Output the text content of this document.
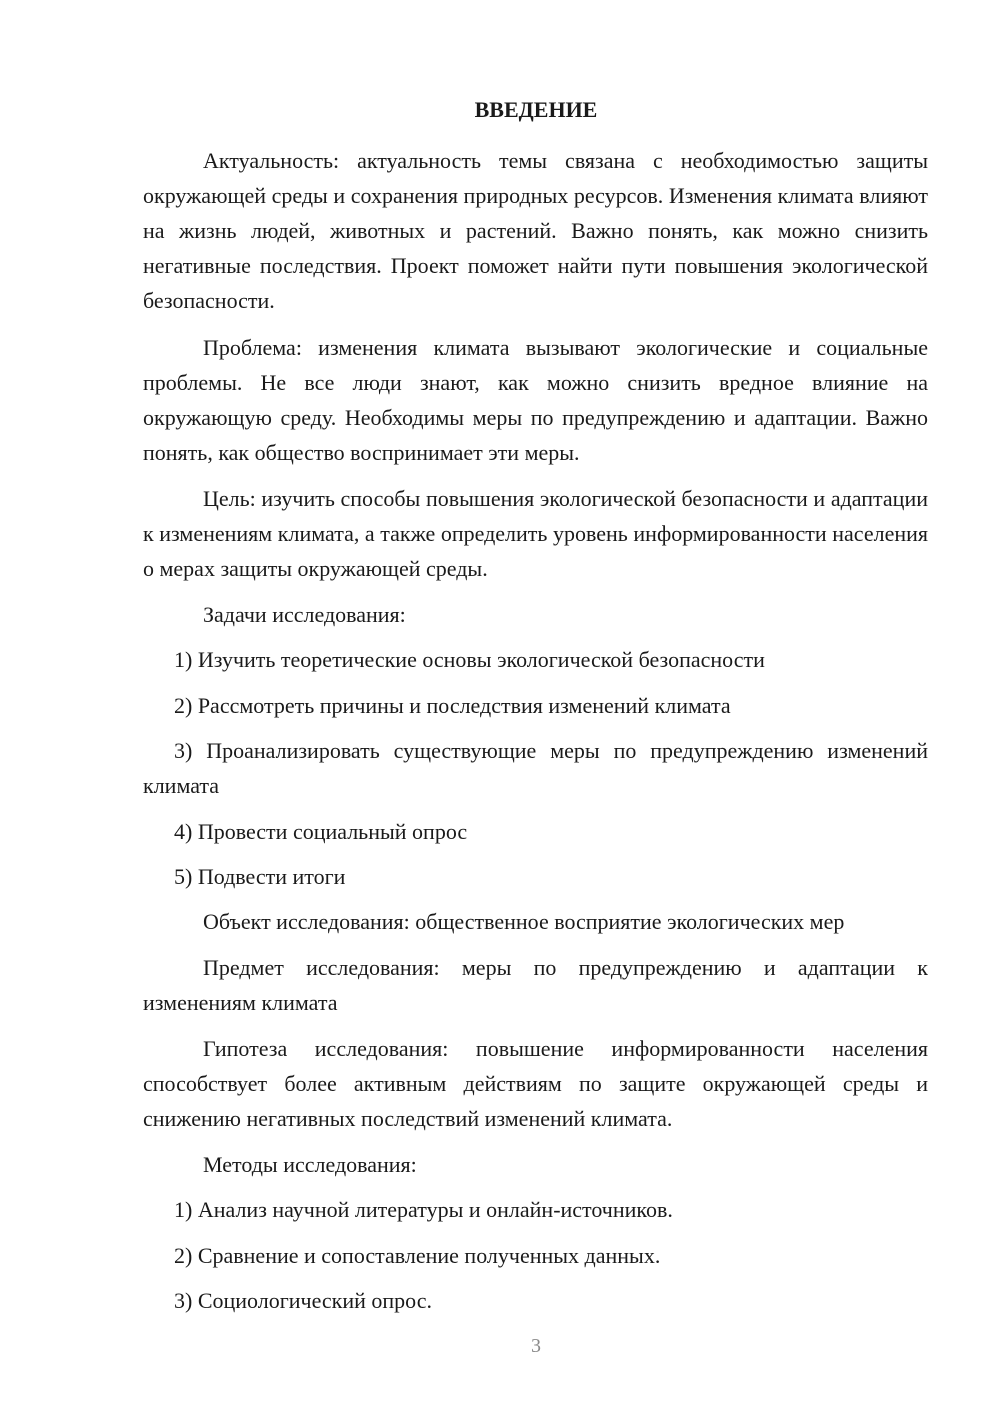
ВВЕДЕНИЕ

Актуальность: актуальность темы связана с необходимостью защиты окружающей среды и сохранения природных ресурсов. Изменения климата влияют на жизнь людей, животных и растений. Важно понять, как можно снизить негативные последствия. Проект поможет найти пути повышения экологической безопасности.

Проблема: изменения климата вызывают экологические и социальные проблемы. Не все люди знают, как можно снизить вредное влияние на окружающую среду. Необходимы меры по предупреждению и адаптации. Важно понять, как общество воспринимает эти меры.

Цель: изучить способы повышения экологической безопасности и адаптации к изменениям климата, а также определить уровень информированности населения о мерах защиты окружающей среды.

Задачи исследования:

1) Изучить теоретические основы экологической безопасности

2) Рассмотреть причины и последствия изменений климата

3) Проанализировать существующие меры по предупреждению изменений климата

4) Провести социальный опрос

5) Подвести итоги

Объект исследования: общественное восприятие экологических мер

Предмет исследования: меры по предупреждению и адаптации к изменениям климата

Гипотеза исследования: повышение информированности населения способствует более активным действиям по защите окружающей среды и снижению негативных последствий изменений климата.

Методы исследования:

1) Анализ научной литературы и онлайн-источников.

2) Сравнение и сопоставление полученных данных.

3) Социологический опрос.

3
